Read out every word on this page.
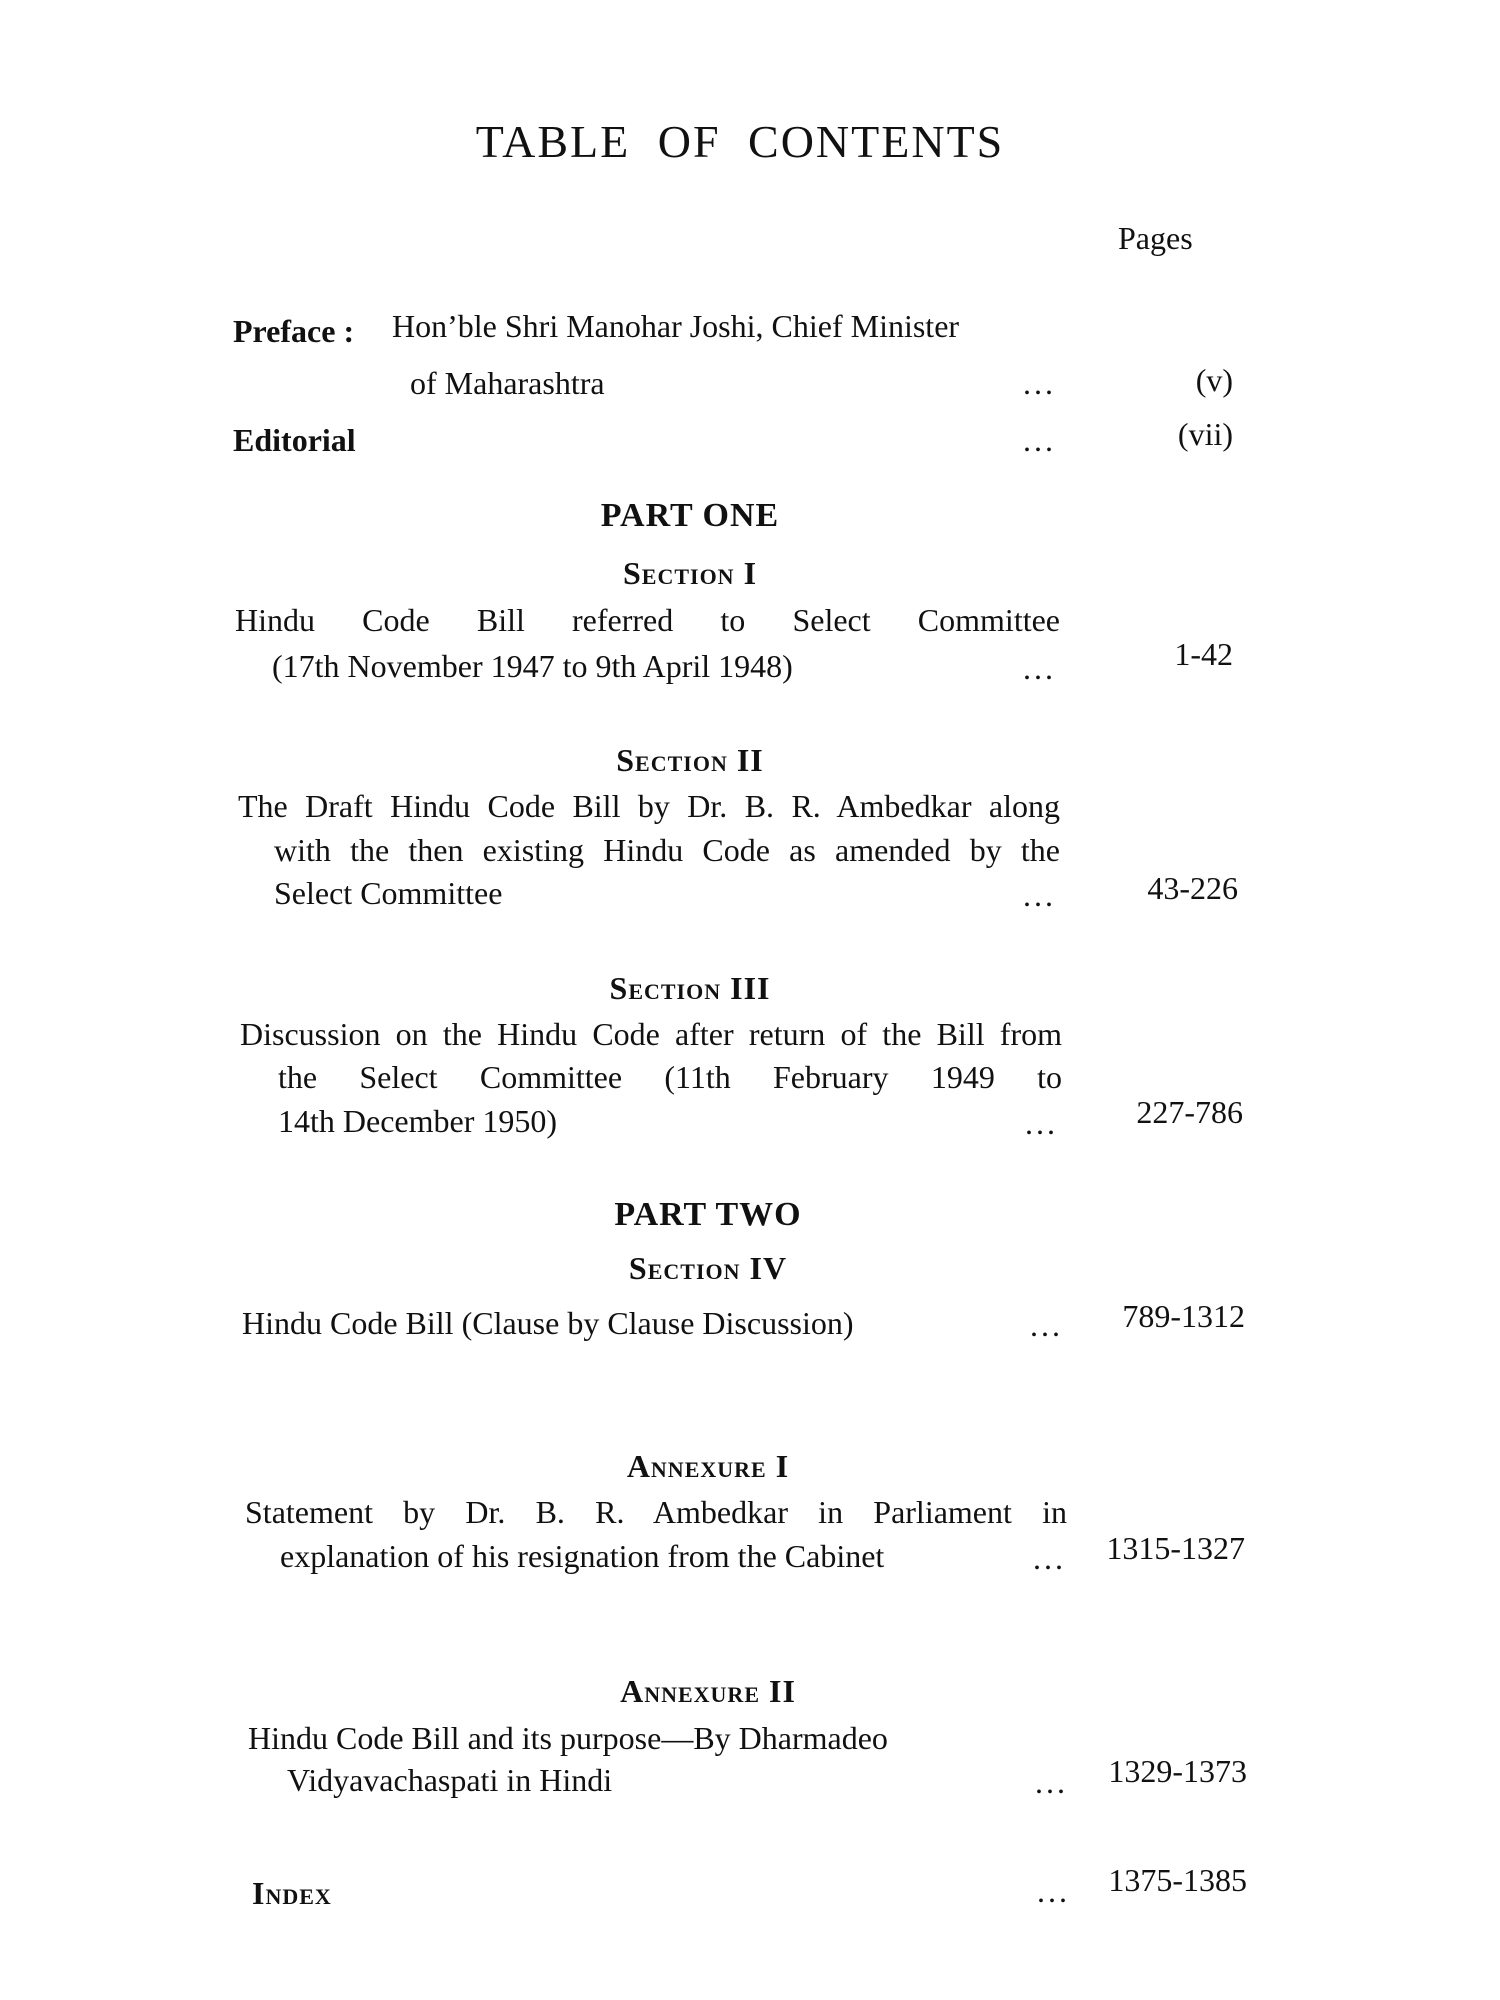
TABLE OF CONTENTS
Pages
Preface : Hon’ble Shri Manohar Joshi, Chief Minister
of Maharashtra	...	(v)
Editorial	...	(vii)
PART ONE
Section I
Hindu Code Bill referred to Select Committee
(17th November 1947 to 9th April 1948)	...	1-42
Section II
The Draft Hindu Code Bill by Dr. B. R. Ambedkar along
with the then existing Hindu Code as amended by the
Select Committee	...	43-226
Section III
Discussion on the Hindu Code after return of the Bill from
the Select Committee (11th February 1949 to
14th December 1950)	...	227-786
PART TWO
Section IV
Hindu Code Bill (Clause by Clause Discussion)	...	789-1312
Annexure I
Statement by Dr. B. R. Ambedkar in Parliament in
explanation of his resignation from the Cabinet	...	1315-1327
Annexure II
Hindu Code Bill and its purpose—By Dharmadeo
Vidyavachaspati in Hindi	...	1329-1373
Index	...	1375-1385
